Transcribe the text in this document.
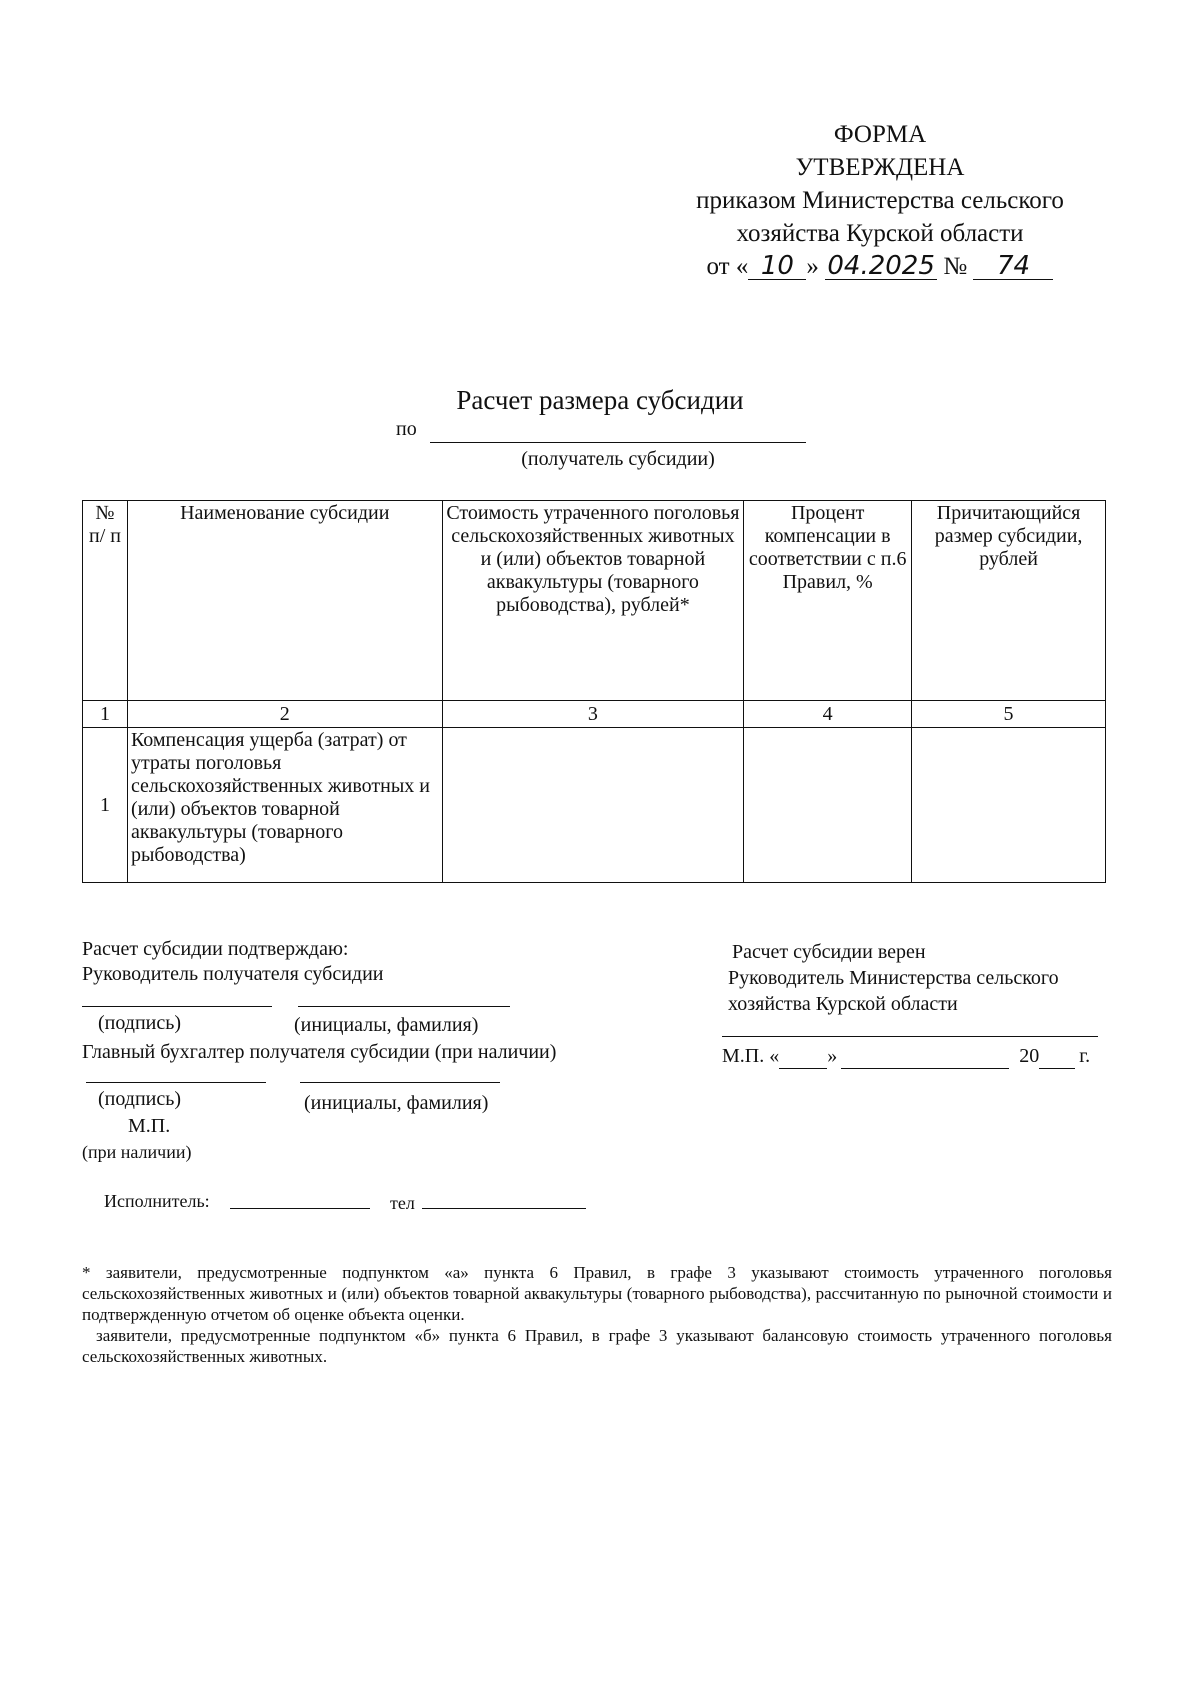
ФОРМА
УТВЕРЖДЕНА
приказом Министерства сельского
хозяйства Курской области
от « 10 » 04.2025 № 74
Расчет размера субсидии
по
(получатель субсидии)
№ п/ п	Наименование субсидии	Стоимость утраченного поголовья сельскохозяйственных животных и (или) объектов товарной аквакультуры (товарного рыбоводства), рублей*	Процент компенсации в соответствии с п.6 Правил, %	Причитающийся размер субсидии, рублей
1	2	3	4	5
1	Компенсация ущерба (затрат) от утраты поголовья сельскохозяйственных животных и (или) объектов товарной аквакультуры (товарного рыбоводства)			
Расчет субсидии подтверждаю:
Руководитель получателя субсидии
(подпись)	(инициалы, фамилия)
Главный бухгалтер получателя субсидии (при наличии)
(подпись)	(инициалы, фамилия)
М.П.
(при наличии)
Исполнитель:	тел
Расчет субсидии верен
Руководитель Министерства сельского
хозяйства Курской области
М.П. « »	20 г.

* заявители, предусмотренные подпунктом «а» пункта 6 Правил, в графе 3 указывают стоимость утраченного поголовья сельскохозяйственных животных и (или) объектов товарной аквакультуры (товарного рыбоводства), рассчитанную по рыночной стоимости и подтвержденную отчетом об оценке объекта оценки.

заявители, предусмотренные подпунктом «б» пункта 6 Правил, в графе 3 указывают балансовую стоимость утраченного поголовья сельскохозяйственных животных.
